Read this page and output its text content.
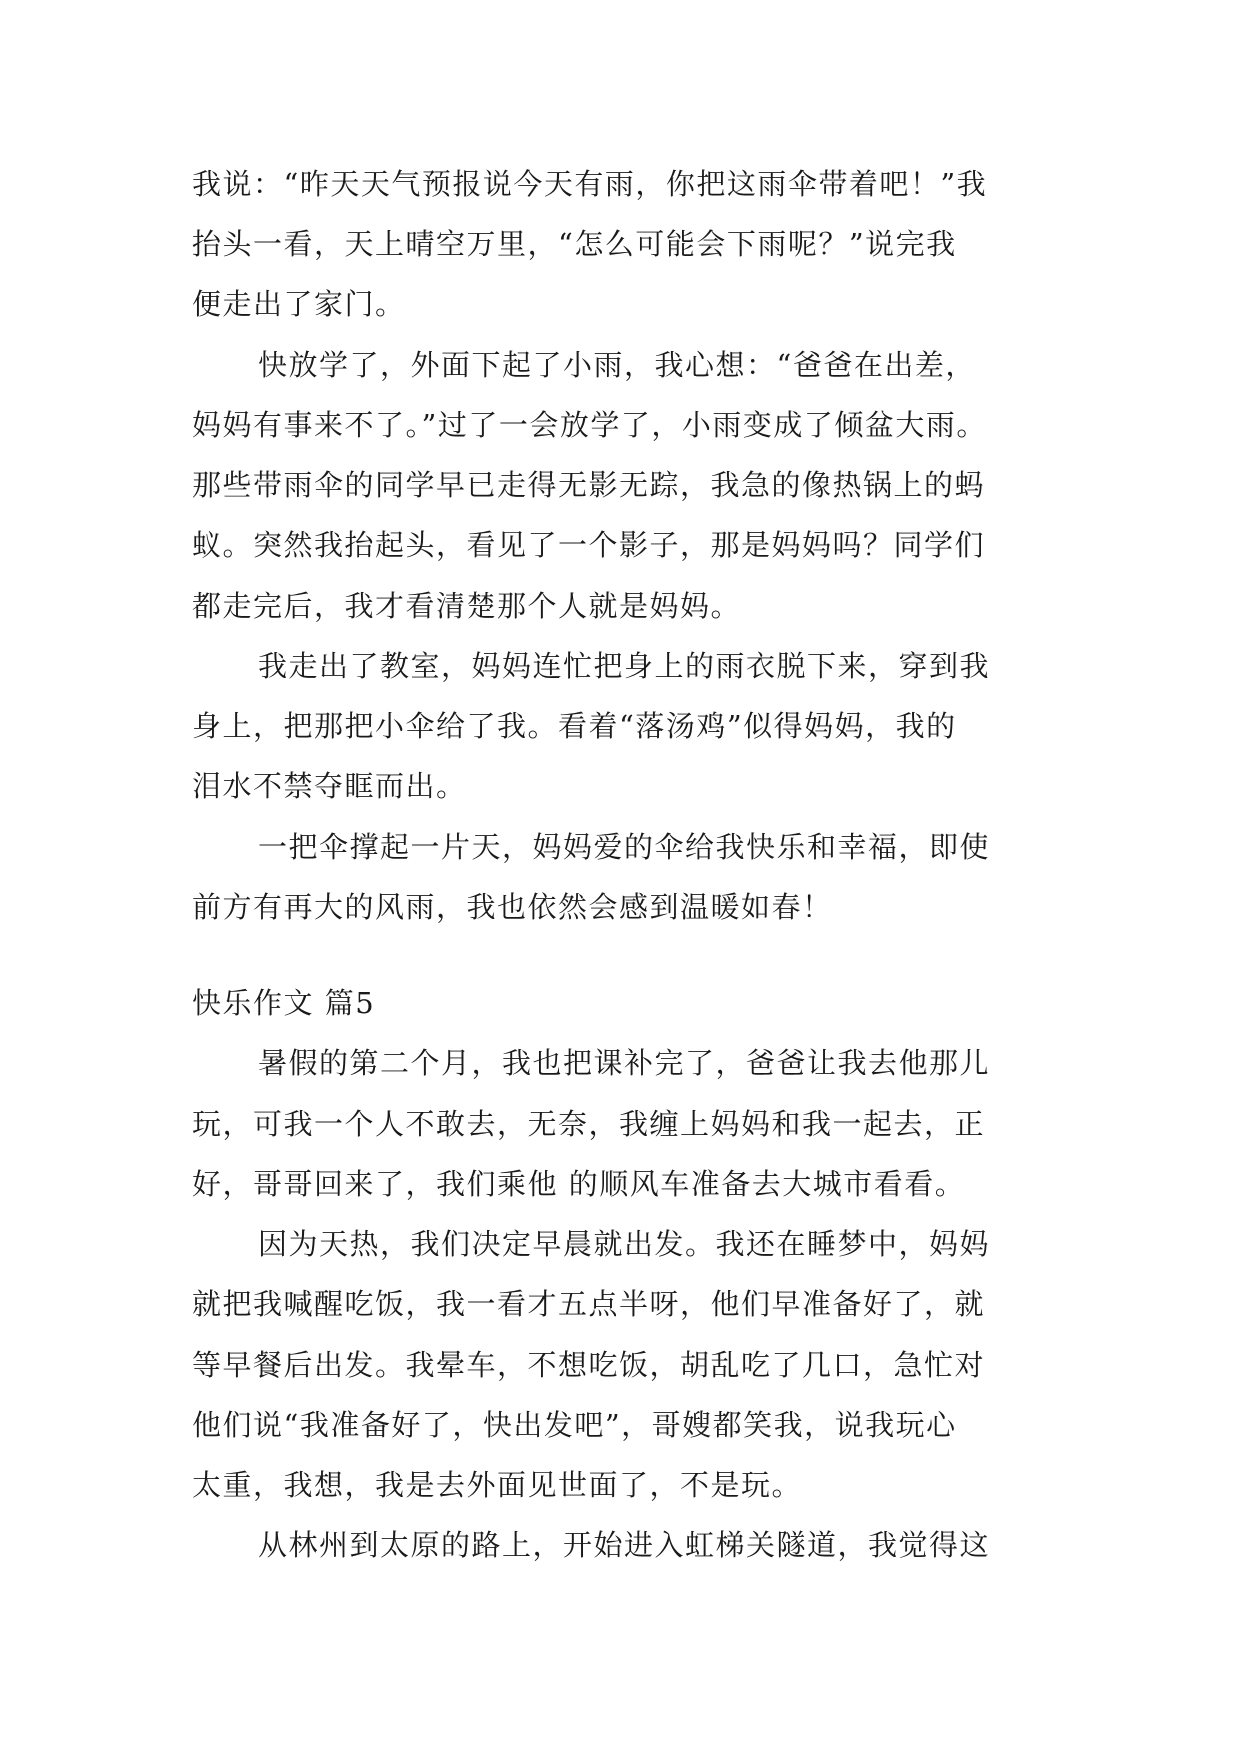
我说：“昨天天气预报说今天有雨，你把这雨伞带着吧！”我

抬头一看，天上晴空万里，“怎么可能会下雨呢？”说完我

便走出了家门。

快放学了，外面下起了小雨，我心想：“爸爸在出差，

妈妈有事来不了。”过了一会放学了，小雨变成了倾盆大雨。

那些带雨伞的同学早已走得无影无踪，我急的像热锅上的蚂

蚁。突然我抬起头，看见了一个影子，那是妈妈吗？同学们

都走完后，我才看清楚那个人就是妈妈。

我走出了教室，妈妈连忙把身上的雨衣脱下来，穿到我

身上，把那把小伞给了我。看着“落汤鸡”似得妈妈，我的

泪水不禁夺眶而出。

一把伞撑起一片天，妈妈爱的伞给我快乐和幸福，即使

前方有再大的风雨，我也依然会感到温暖如春！

快乐作文 篇5

暑假的第二个月，我也把课补完了，爸爸让我去他那儿

玩，可我一个人不敢去，无奈，我缠上妈妈和我一起去，正

好，哥哥回来了，我们乘他 的顺风车准备去大城市看看。

因为天热，我们决定早晨就出发。我还在睡梦中，妈妈

就把我喊醒吃饭，我一看才五点半呀，他们早准备好了，就

等早餐后出发。我晕车，不想吃饭，胡乱吃了几口，急忙对

他们说“我准备好了，快出发吧”，哥嫂都笑我，说我玩心

太重，我想，我是去外面见世面了，不是玩。

从林州到太原的路上，开始进入虹梯关隧道，我觉得这
